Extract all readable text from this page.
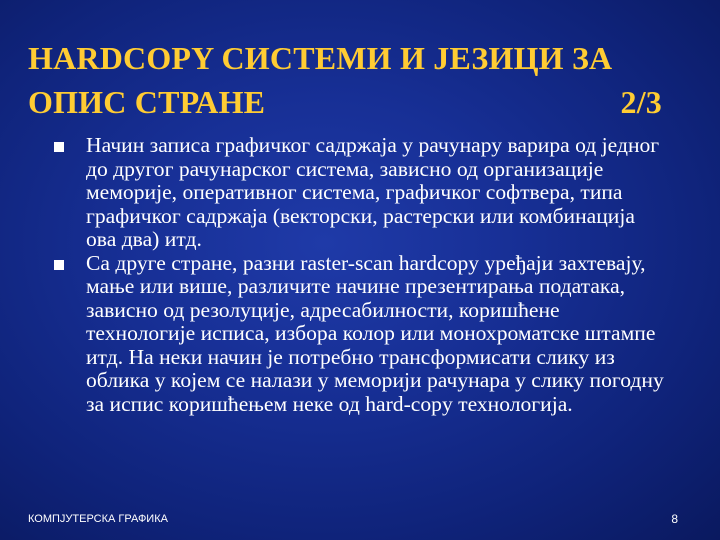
HARDCOPY СИСТЕМИ И ЈЕЗИЦИ ЗА
ОПИС СТРАНЕ	2/3
Начин записа графичког садржаја у рачунару варира од једног до другог рачунарског система, зависно од организације меморије, оперативног система, графичког софтвера, типа графичког садржаја (векторски, растерски или комбинација ова два) итд.
Са друге стране, разни raster-scan hardcopy уређаји захтевају, мање или више, различите начине презентирања података, зависно од резолуције, адресабилности, коришћене технологије исписа, избора колор или монохроматске штампе итд. На неки начин је потребно трансформисати слику из облика у којем се налази у меморији рачунара у слику погодну за испис коришћењем неке од hard-copy технологија.
КОМПЈУТЕРСКА ГРАФИКА	8
